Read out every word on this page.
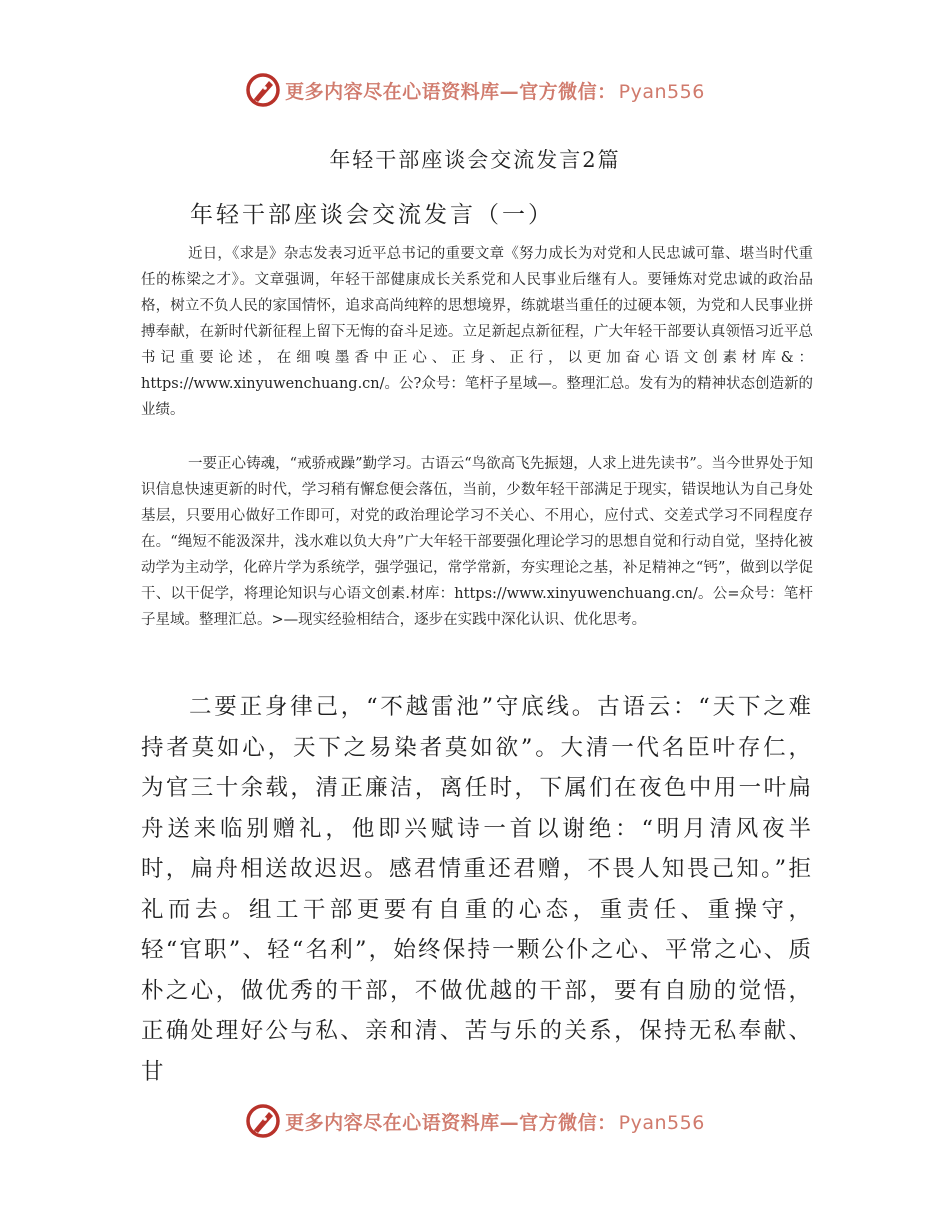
更多内容尽在心语资料库—官方微信： Pyan556
年轻干部座谈会交流发言2篇
年轻干部座谈会交流发言（一）

近日，《求是》杂志发表习近平总书记的重要文章《努力成长为对党和人民忠诚可靠、堪当时代重任的栋梁之才》。文章强调，年轻干部健康成长关系党和人民事业后继有人。要锤炼对党忠诚的政治品格，树立不负人民的家国情怀，追求高尚纯粹的思想境界，练就堪当重任的过硬本领，为党和人民事业拼搏奉献，在新时代新征程上留下无悔的奋斗足迹。立足新起点新征程，广大年轻干部要认真领悟习近平总书记重要论述，在细嗅墨香中正心、正身、正行，以更加奋心语文创素材库&：https://www.xinyuwenchuang.cn/。公?众号：笔杆子星域—。整理汇总。发有为的精神状态创造新的业绩。

一要正心铸魂，“戒骄戒躁”勤学习。古语云“鸟欲高飞先振翅，人求上进先读书”。当今世界处于知识信息快速更新的时代，学习稍有懈怠便会落伍，当前，少数年轻干部满足于现实，错误地认为自己身处基层，只要用心做好工作即可，对党的政治理论学习不关心、不用心，应付式、交差式学习不同程度存在。“绳短不能汲深井，浅水难以负大舟”广大年轻干部要强化理论学习的思想自觉和行动自觉，坚持化被动学为主动学，化碎片学为系统学，强学强记，常学常新，夯实理论之基，补足精神之“钙”，做到以学促干、以干促学，将理论知识与心语文创素.材库：https://www.xinyuwenchuang.cn/。公=众号：笔杆子星域。整理汇总。>—现实经验相结合，逐步在实践中深化认识、优化思考。

二要正身律己，“不越雷池”守底线。古语云：“天下之难持者莫如心，天下之易染者莫如欲”。大清一代名臣叶存仁，为官三十余载，清正廉洁，离任时，下属们在夜色中用一叶扁舟送来临别赠礼，他即兴赋诗一首以谢绝：“明月清风夜半时，扁舟相送故迟迟。感君情重还君赠，不畏人知畏己知。”拒礼而去。组工干部更要有自重的心态，重责任、重操守，轻“官职”、轻“名利”，始终保持一颗公仆之心、平常之心、质朴之心，做优秀的干部，不做优越的干部，要有自励的觉悟，正确处理好公与私、亲和清、苦与乐的关系，保持无私奉献、甘

更多内容尽在心语资料库—官方微信： Pyan556
